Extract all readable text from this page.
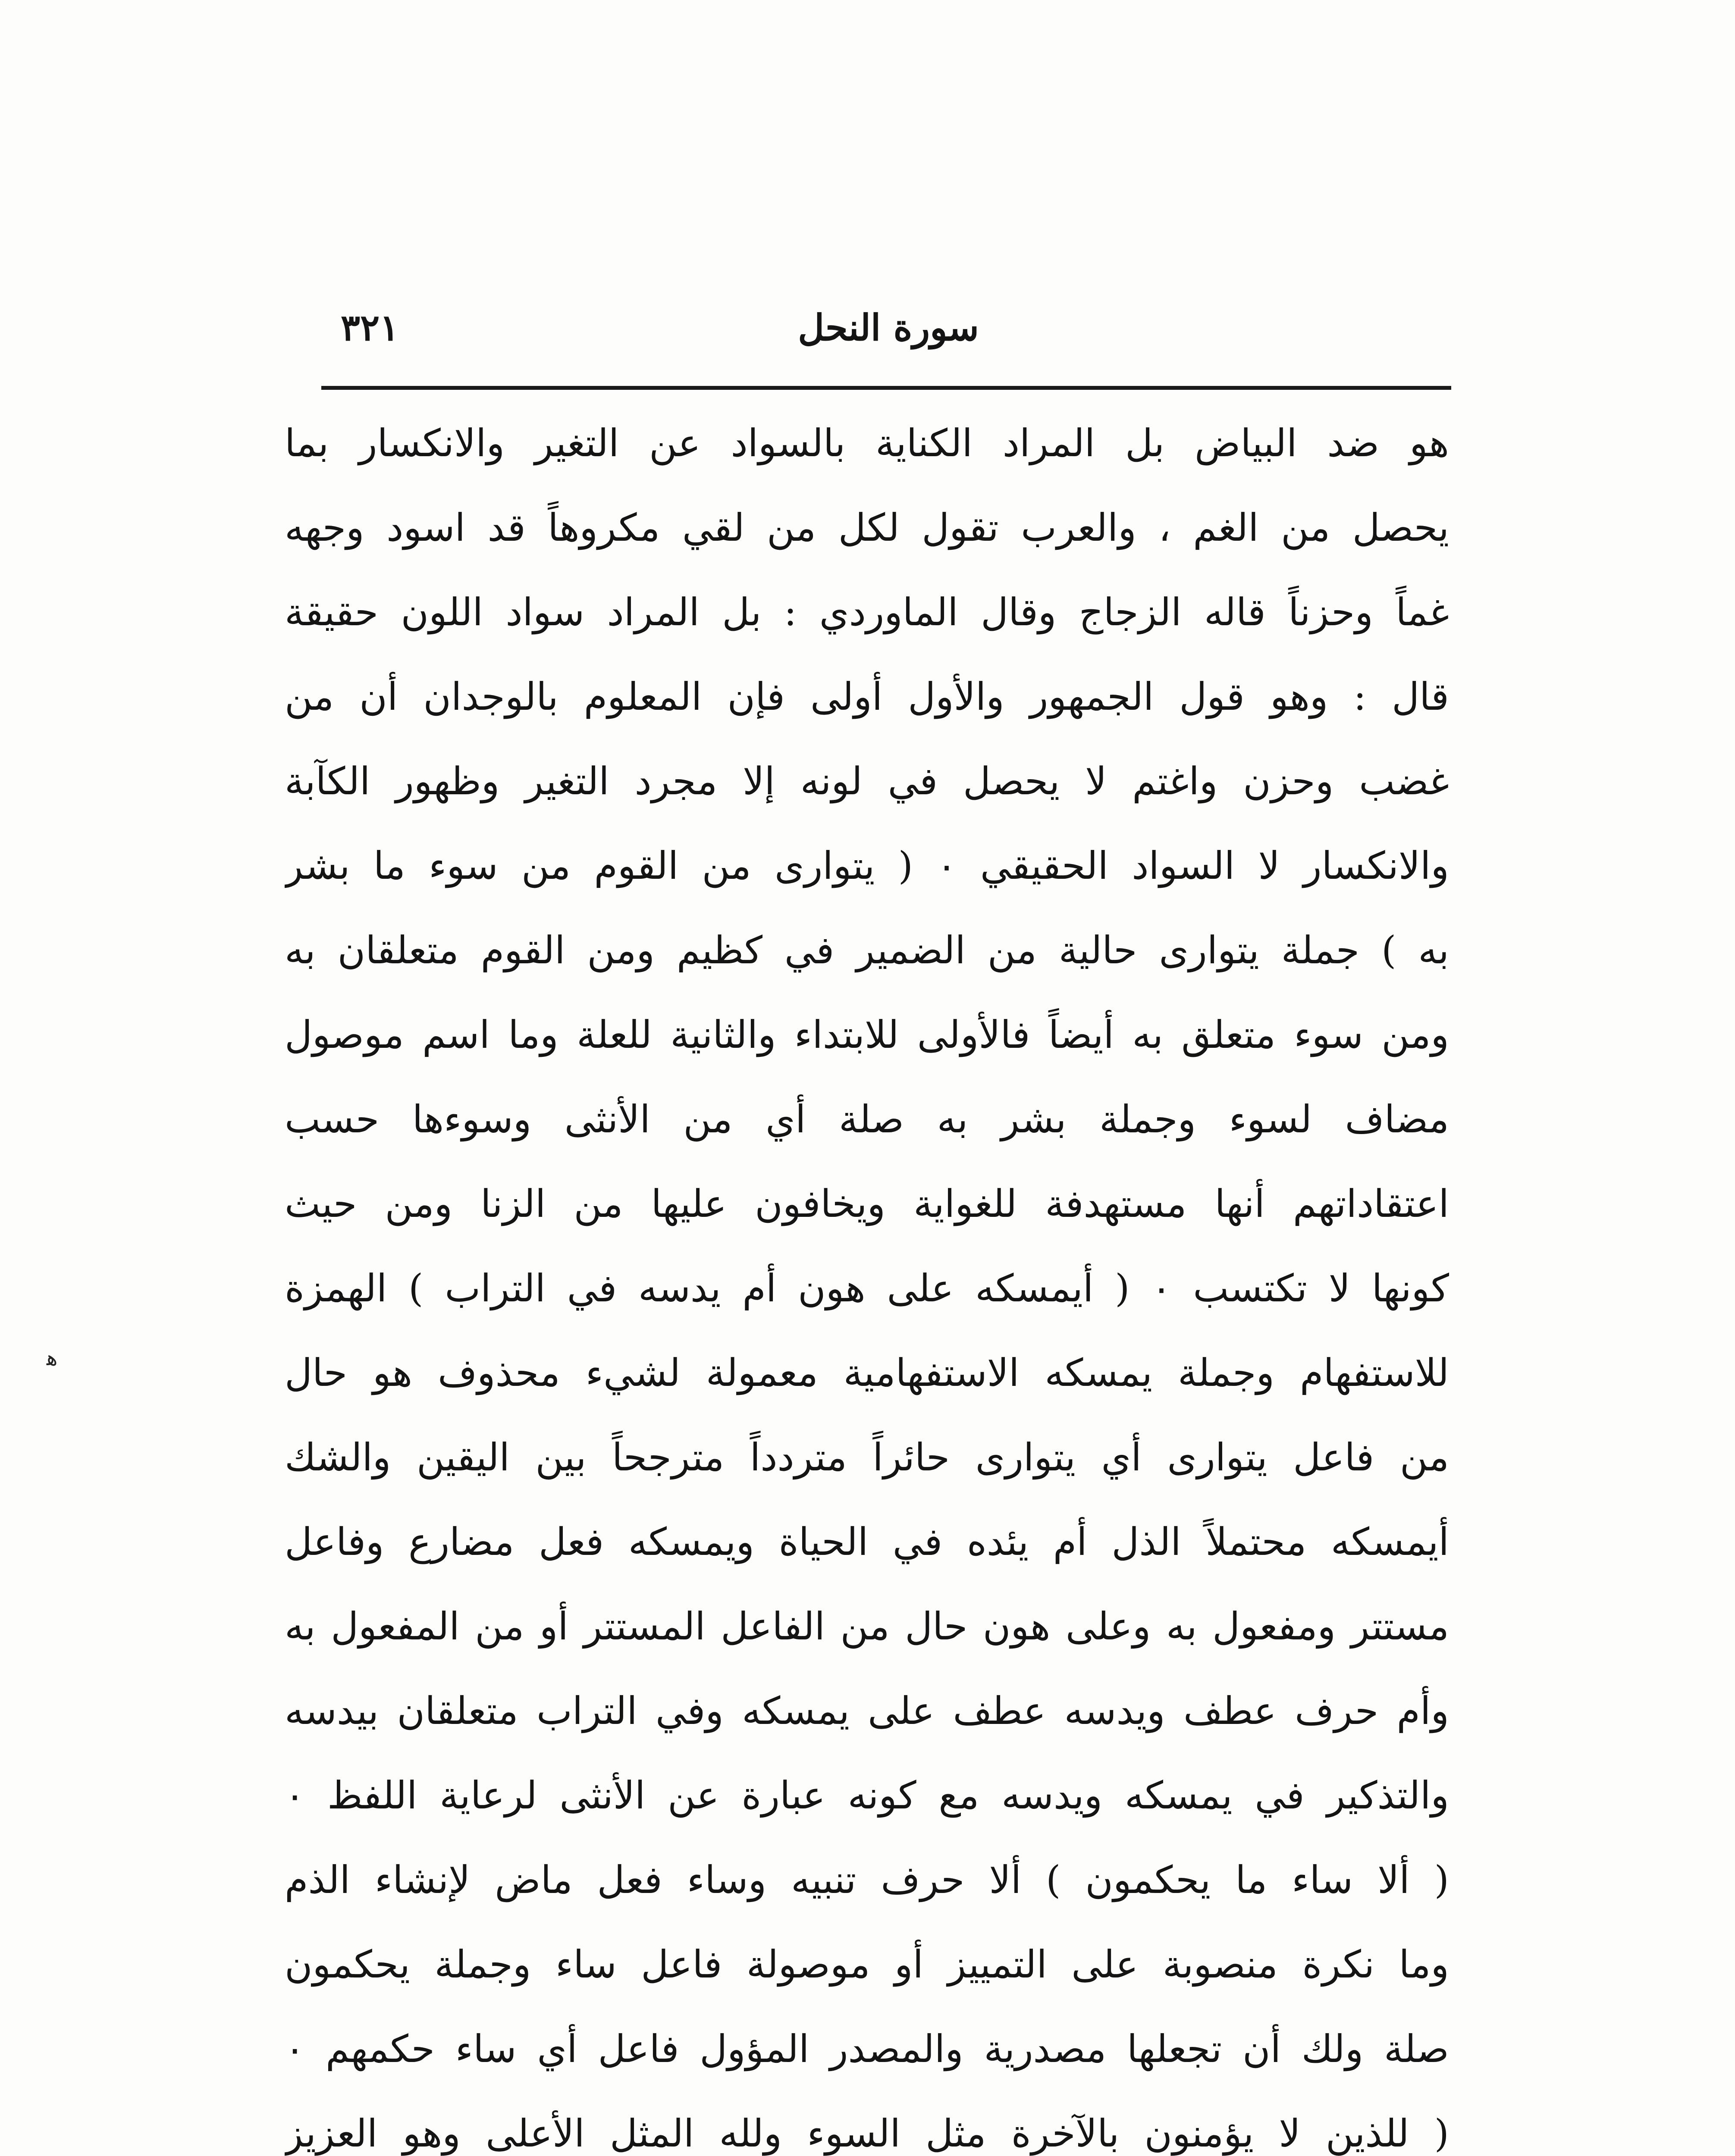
سورة النحل
٣٢١
هو ضد البياض بل المراد الكناية بالسواد عن التغير والانكسار بما
يحصل من الغم ، والعرب تقول لكل من لقي مكروهاً قد اسود وجهه
غماً وحزناً قاله الزجاج وقال الماوردي : بل المراد سواد اللون حقيقة
قال : وهو قول الجمهور والأول أولى فإن المعلوم بالوجدان أن من
غضب وحزن واغتم لا يحصل في لونه إلا مجرد التغير وظهور الكآبة
والانكسار لا السواد الحقيقي ٠ ( يتوارى من القوم من سوء ما بشر
به ) جملة يتوارى حالية من الضمير في كظيم ومن القوم متعلقان به
ومن سوء متعلق به أيضاً فالأولى للابتداء والثانية للعلة وما اسم موصول
مضاف لسوء وجملة بشر به صلة أي من الأنثى وسوءها حسب
اعتقاداتهم أنها مستهدفة للغواية ويخافون عليها من الزنا ومن حيث
كونها لا تكتسب ٠ ( أيمسكه على هون أم يدسه في التراب ) الهمزة
للاستفهام وجملة يمسكه الاستفهامية معمولة لشيء محذوف هو حال
من فاعل يتوارى أي يتوارى حائراً متردداً مترجحاً بين اليقين والشك
أيمسكه محتملاً الذل أم يئده في الحياة ويمسكه فعل مضارع وفاعل
مستتر ومفعول به وعلى هون حال من الفاعل المستتر أو من المفعول به
وأم حرف عطف ويدسه عطف على يمسكه وفي التراب متعلقان بيدسه
والتذكير في يمسكه ويدسه مع كونه عبارة عن الأنثى لرعاية اللفظ ٠
( ألا ساء ما يحكمون ) ألا حرف تنبيه وساء فعل ماض لإنشاء الذم
وما نكرة منصوبة على التمييز أو موصولة فاعل ساء وجملة يحكمون
صلة ولك أن تجعلها مصدرية والمصدر المؤول فاعل أي ساء حكمهم ٠
( للذين لا يؤمنون بالآخرة مثل السوء ولله المثل الأعلى وهو العزيز
ﻫ
